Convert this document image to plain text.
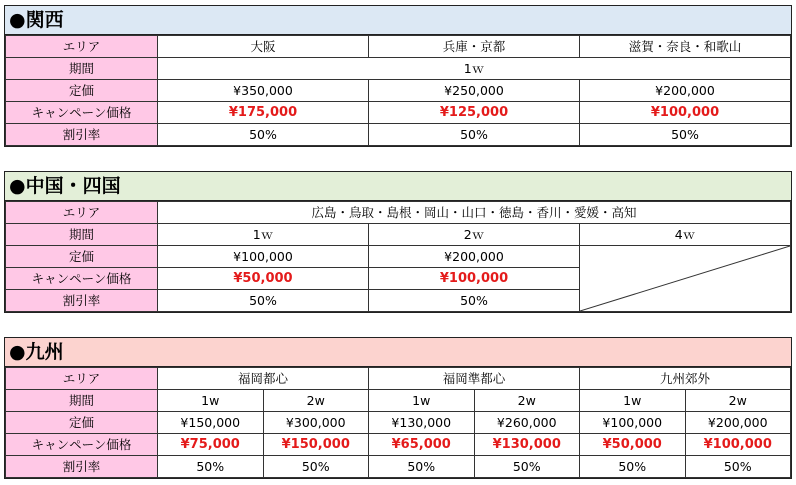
●関西
エリア	大阪	兵庫・京都	滋賀・奈良・和歌山
期間	1ｗ		
定価	¥350,000	¥250,000	¥200,000
キャンペーン価格	¥175,000	¥125,000	¥100,000
割引率	50%	50%	50%
●中国・四国
エリア	広島・鳥取・島根・岡山・山口・徳島・香川・愛媛・高知		
期間	1ｗ	2ｗ	4ｗ
定価	¥100,000	¥200,000	

キャンペーン価格	¥50,000	¥100,000	
割引率	50%	50%	
●九州
エリア	福岡都心		福岡準都心		九州郊外	
期間	1w	2w	1w	2w	1w	2w
定価	¥150,000	¥300,000	¥130,000	¥260,000	¥100,000	¥200,000
キャンペーン価格	¥75,000	¥150,000	¥65,000	¥130,000	¥50,000	¥100,000
割引率	50%	50%	50%	50%	50%	50%
